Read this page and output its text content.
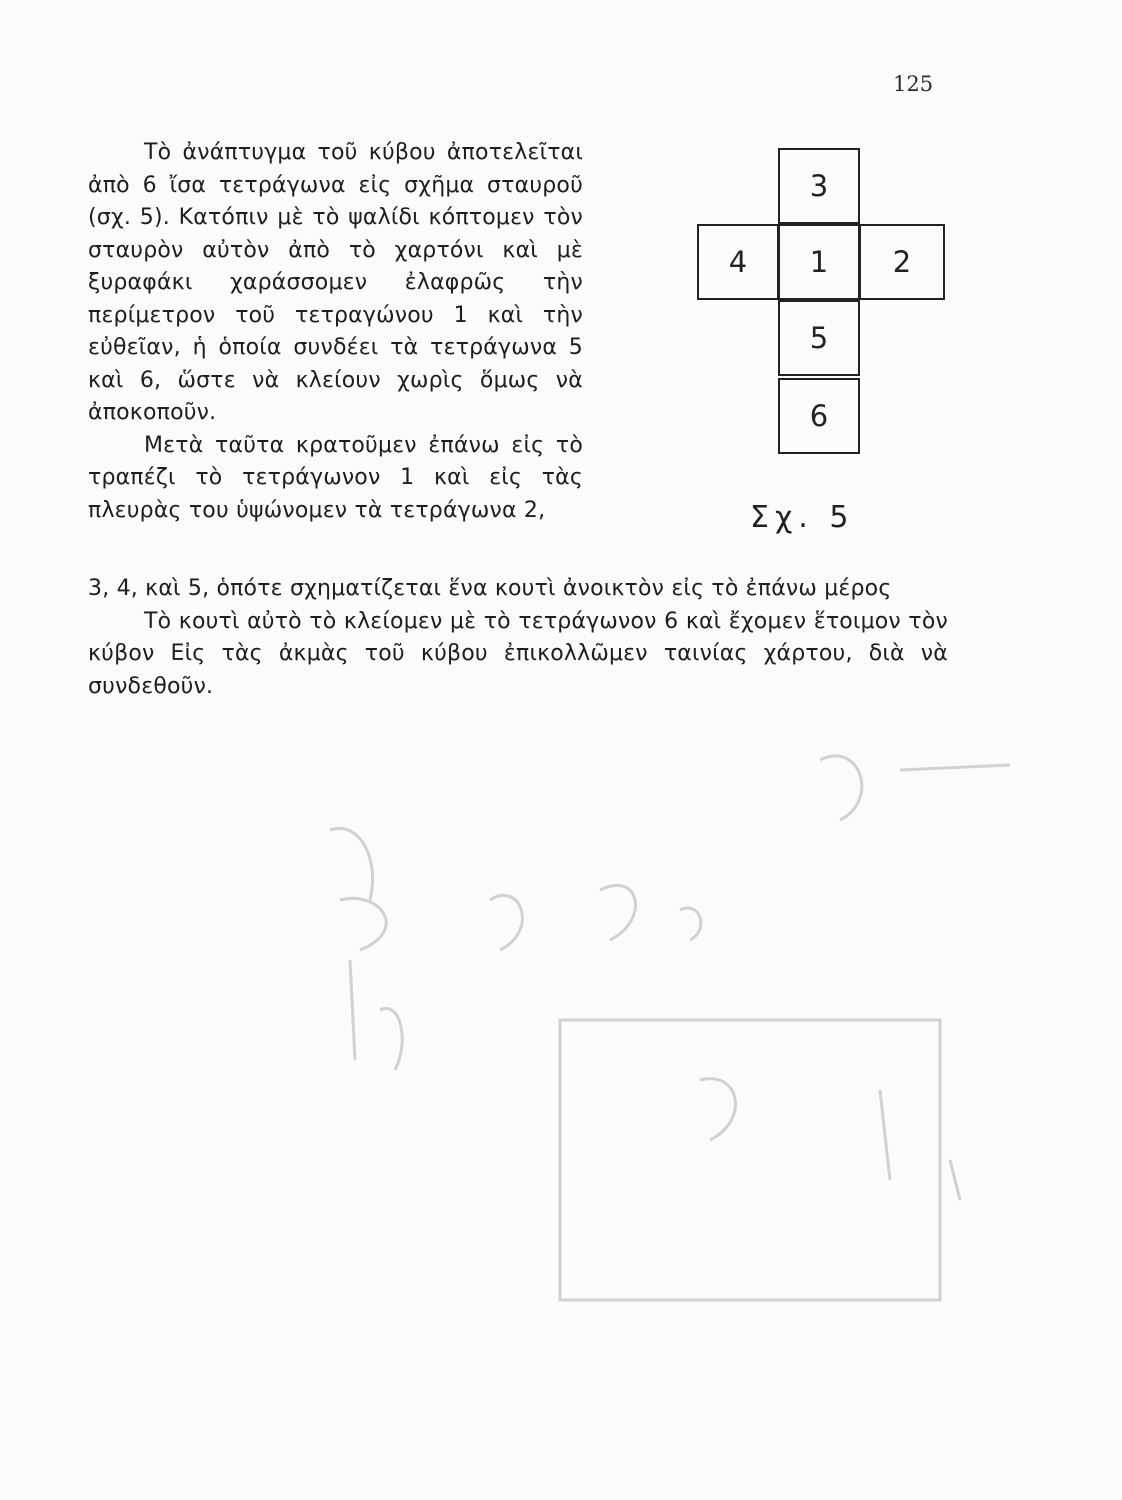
125

Τὸ ἀνάπτυγμα τοῦ κύβου ἀποτελεῖται ἀπὸ 6 ἴσα τετράγωνα εἰς σχῆμα σταυροῦ (σχ. 5). Κατόπιν μὲ τὸ ψαλίδι κόπτομεν τὸν σταυρὸν αὐτὸν ἀπὸ τὸ χαρτόνι καὶ μὲ ξυραφάκι χαράσσομεν ἐλαφρῶς τὴν περίμετρον τοῦ τετραγώνου 1 καὶ τὴν εὐθεῖαν, ἡ ὁποία συνδέει τὰ τετράγωνα 5 καὶ 6, ὥστε νὰ κλείουν χωρὶς ὅμως νὰ ἀποκοποῦν.

Μετὰ ταῦτα κρατοῦμεν ἐπάνω εἰς τὸ τραπέζι τὸ τετράγωνον 1 καὶ εἰς τὰς πλευρὰς του ὑψώνομεν τὰ τετράγωνα 2,

3, 4, καὶ 5, ὁπότε σχηματίζεται ἕνα κουτὶ ἀνοικτὸν εἰς τὸ ἐπάνω μέρος

Τὸ κουτὶ αὐτὸ τὸ κλείομεν μὲ τὸ τετράγωνον 6 καὶ ἔχομεν ἕτοιμον τὸν κύβον Εἰς τὰς ἀκμὰς τοῦ κύβου ἐπικολλῶμεν ταινίας χάρτου, διὰ νὰ συνδεθοῦν.

3
4	1	2
5
6
Σχ. 5
